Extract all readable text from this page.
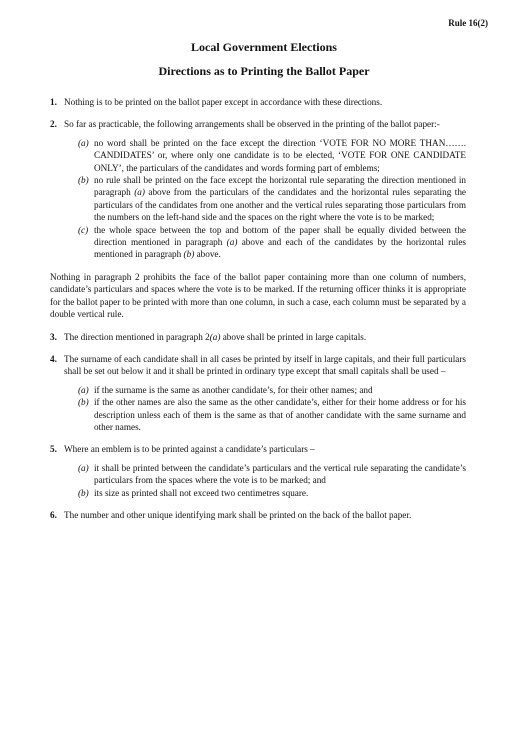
Rule 16(2)
Local Government Elections
Directions as to Printing the Ballot Paper
1. Nothing is to be printed on the ballot paper except in accordance with these directions.
2. So far as practicable, the following arrangements shall be observed in the printing of the ballot paper:-
(a) no word shall be printed on the face except the direction ‘VOTE FOR NO MORE THAN……. CANDIDATES’ or, where only one candidate is to be elected, ‘VOTE FOR ONE CANDIDATE ONLY’, the particulars of the candidates and words forming part of emblems;
(b) no rule shall be printed on the face except the horizontal rule separating the direction mentioned in paragraph (a) above from the particulars of the candidates and the horizontal rules separating the particulars of the candidates from one another and the vertical rules separating those particulars from the numbers on the left-hand side and the spaces on the right where the vote is to be marked;
(c) the whole space between the top and bottom of the paper shall be equally divided between the direction mentioned in paragraph (a) above and each of the candidates by the horizontal rules mentioned in paragraph (b) above.
Nothing in paragraph 2 prohibits the face of the ballot paper containing more than one column of numbers, candidate’s particulars and spaces where the vote is to be marked. If the returning officer thinks it is appropriate for the ballot paper to be printed with more than one column, in such a case, each column must be separated by a double vertical rule.
3. The direction mentioned in paragraph 2(a) above shall be printed in large capitals.
4. The surname of each candidate shall in all cases be printed by itself in large capitals, and their full particulars shall be set out below it and it shall be printed in ordinary type except that small capitals shall be used –
(a) if the surname is the same as another candidate’s, for their other names; and
(b) if the other names are also the same as the other candidate’s, either for their home address or for his description unless each of them is the same as that of another candidate with the same surname and other names.
5. Where an emblem is to be printed against a candidate’s particulars –
(a) it shall be printed between the candidate’s particulars and the vertical rule separating the candidate’s particulars from the spaces where the vote is to be marked; and
(b) its size as printed shall not exceed two centimetres square.
6. The number and other unique identifying mark shall be printed on the back of the ballot paper.
